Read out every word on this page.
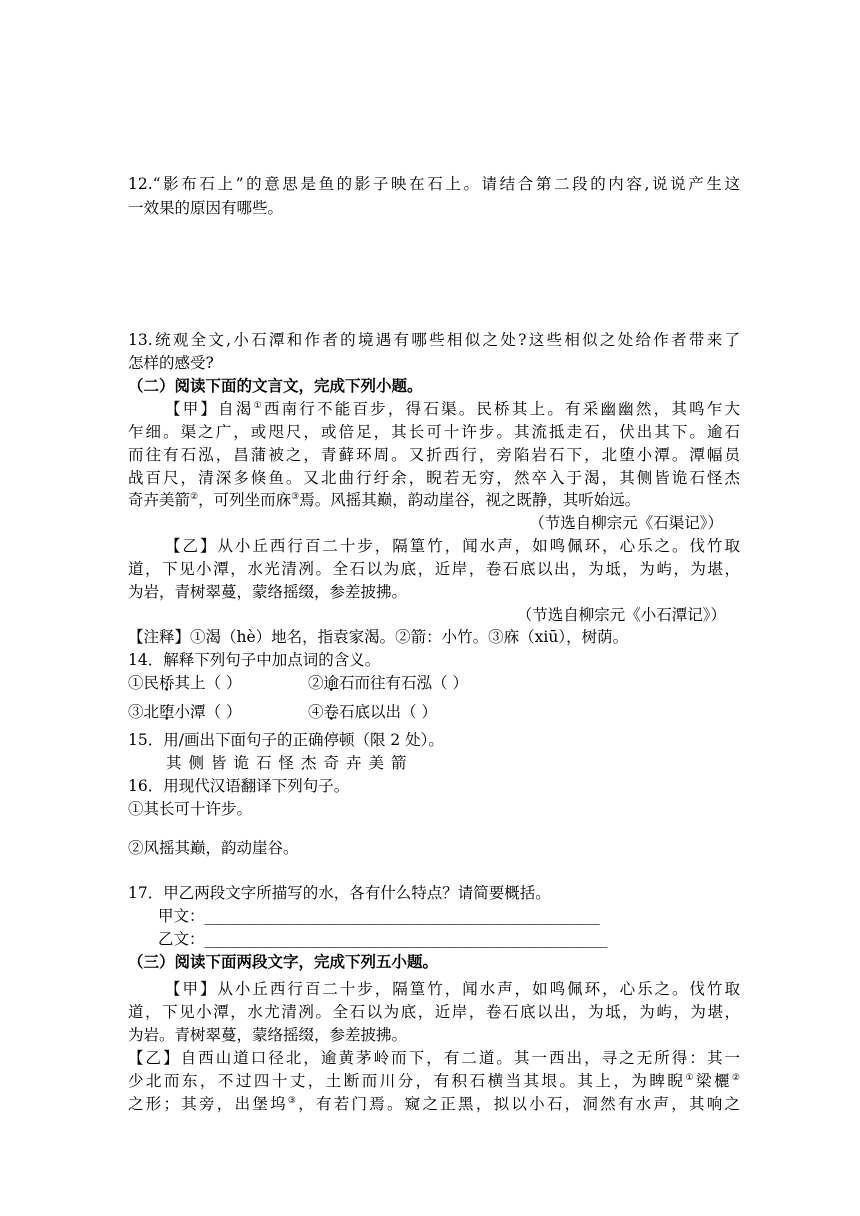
12.“影布石上”的意思是鱼的影子映在石上。请结合第二段的内容,说说产生这
一效果的原因有哪些。
13.统观全文,小石潭和作者的境遇有哪些相似之处?这些相似之处给作者带来了
怎样的感受?
（二）阅读下面的文言文，完成下列小题。
【甲】自渴①西南行不能百步，得石渠。民桥其上。有采幽幽然，其鸣乍大
乍细。渠之广，或咫尺，或倍足，其长可十许步。其流抵走石，伏出其下。逾石
而往有石泓，昌蒲被之，青藓环周。又折西行，旁陷岩石下，北堕小潭。潭幅员
战百尺，清深多倏鱼。又北曲行纡余，睨若无穷，然卒入于渴，其侧皆诡石怪杰
奇卉美箭②，可列坐而庥③焉。风摇其巅，韵动崖谷，视之既静，其听始远。
（节选自柳宗元《石渠记》）
【乙】从小丘西行百二十步，隔篁竹，闻水声，如鸣佩环，心乐之。伐竹取
道，下见小潭，水光清冽。全石以为底，近岸，卷石底以出，为坻，为屿，为堪，
为岩，青树翠蔓，蒙络摇缀，参差披拂。
（节选自柳宗元《小石潭记》）
【注释】①渴（hè）地名，指袁家渴。②箭：小竹。③庥（xiū），树荫。
14．解释下列句子中加点词的含义。
①民桥其上（ ）	②逾石而往有石泓（ ）
③北堕小潭（ ）	④卷石底以出（ ）
15．用/画出下面句子的正确停顿（限 2 处）。
其侧皆诡石怪杰奇卉美箭
16．用现代汉语翻译下列句子。
①其长可十许步。
②风摇其巅，韵动崖谷。
17．甲乙两段文字所描写的水，各有什么特点？请简要概括。
甲文：___________________________________________________
乙文：____________________________________________________
（三）阅读下面两段文字，完成下列五小题。
【甲】从小丘西行百二十步，隔篁竹，闻水声，如鸣佩环，心乐之。伐竹取
道，下见小潭，水尤清冽。全石以为底，近岸，卷石底以出，为坻，为屿，为堪，
为岩。青树翠蔓，蒙络摇缀，参差披拂。
【乙】自西山道口径北，逾黄茅岭而下，有二道。其一西出，寻之无所得：其一
少北而东，不过四十丈，土断而川分，有积石横当其垠。其上，为睥睨①梁欐②
之形；其旁，出堡坞③，有若门焉。窥之正黑，拟以小石，洞然有水声，其响之
